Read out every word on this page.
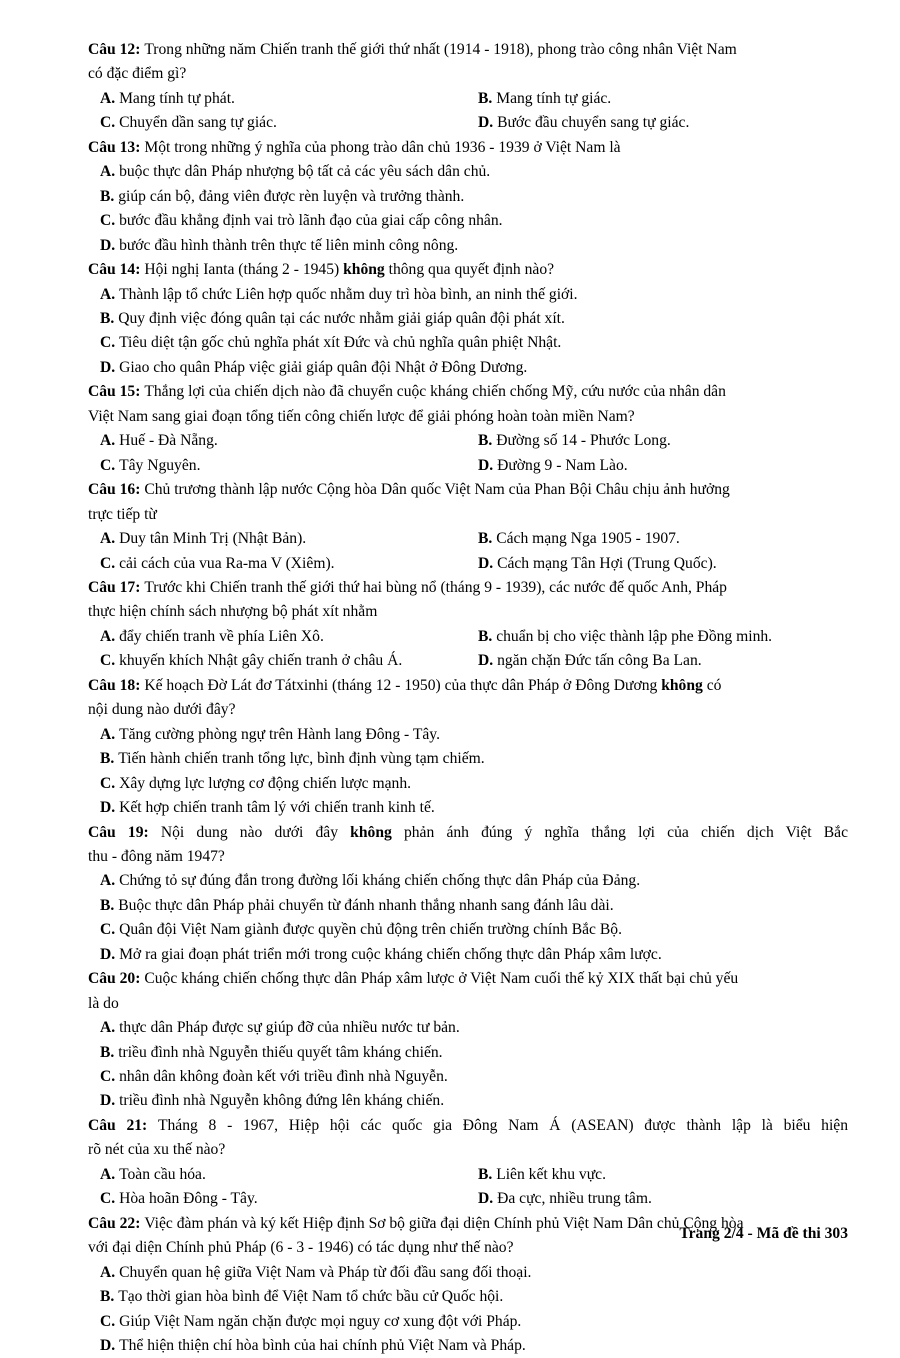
Câu 12: Trong những năm Chiến tranh thế giới thứ nhất (1914 - 1918), phong trào công nhân Việt Nam
có đặc điểm gì?
A. Mang tính tự phát.	B. Mang tính tự giác.
C. Chuyển dần sang tự giác.	D. Bước đầu chuyển sang tự giác.
Câu 13: Một trong những ý nghĩa của phong trào dân chủ 1936 - 1939 ở Việt Nam là
A. buộc thực dân Pháp nhượng bộ tất cả các yêu sách dân chủ.
B. giúp cán bộ, đảng viên được rèn luyện và trưởng thành.
C. bước đầu khẳng định vai trò lãnh đạo của giai cấp công nhân.
D. bước đầu hình thành trên thực tế liên minh công nông.
Câu 14: Hội nghị Ianta (tháng 2 - 1945) không thông qua quyết định nào?
A. Thành lập tổ chức Liên hợp quốc nhằm duy trì hòa bình, an ninh thế giới.
B. Quy định việc đóng quân tại các nước nhằm giải giáp quân đội phát xít.
C. Tiêu diệt tận gốc chủ nghĩa phát xít Đức và chủ nghĩa quân phiệt Nhật.
D. Giao cho quân Pháp việc giải giáp quân đội Nhật ở Đông Dương.
Câu 15: Thắng lợi của chiến dịch nào đã chuyển cuộc kháng chiến chống Mỹ, cứu nước của nhân dân
Việt Nam sang giai đoạn tổng tiến công chiến lược để giải phóng hoàn toàn miền Nam?
A. Huế - Đà Nẵng.	B. Đường số 14 - Phước Long.
C. Tây Nguyên.	D. Đường 9 - Nam Lào.
Câu 16: Chủ trương thành lập nước Cộng hòa Dân quốc Việt Nam của Phan Bội Châu chịu ảnh hưởng
trực tiếp từ
A. Duy tân Minh Trị (Nhật Bản).	B. Cách mạng Nga 1905 - 1907.
C. cải cách của vua Ra-ma V (Xiêm).	D. Cách mạng Tân Hợi (Trung Quốc).
Câu 17: Trước khi Chiến tranh thế giới thứ hai bùng nổ (tháng 9 - 1939), các nước đế quốc Anh, Pháp
thực hiện chính sách nhượng bộ phát xít nhằm
A. đẩy chiến tranh về phía Liên Xô.	B. chuẩn bị cho việc thành lập phe Đồng minh.
C. khuyến khích Nhật gây chiến tranh ở châu Á.	D. ngăn chặn Đức tấn công Ba Lan.
Câu 18: Kế hoạch Đờ Lát đơ Tátxinhi (tháng 12 - 1950) của thực dân Pháp ở Đông Dương không có
nội dung nào dưới đây?
A. Tăng cường phòng ngự trên Hành lang Đông - Tây.
B. Tiến hành chiến tranh tổng lực, bình định vùng tạm chiếm.
C. Xây dựng lực lượng cơ động chiến lược mạnh.
D. Kết hợp chiến tranh tâm lý với chiến tranh kinh tế.
Câu 19: Nội dung nào dưới đây không phản ánh đúng ý nghĩa thắng lợi của chiến dịch Việt Bắc
thu - đông năm 1947?
A. Chứng tỏ sự đúng đắn trong đường lối kháng chiến chống thực dân Pháp của Đảng.
B. Buộc thực dân Pháp phải chuyển từ đánh nhanh thắng nhanh sang đánh lâu dài.
C. Quân đội Việt Nam giành được quyền chủ động trên chiến trường chính Bắc Bộ.
D. Mở ra giai đoạn phát triển mới trong cuộc kháng chiến chống thực dân Pháp xâm lược.
Câu 20: Cuộc kháng chiến chống thực dân Pháp xâm lược ở Việt Nam cuối thế kỷ XIX thất bại chủ yếu
là do
A. thực dân Pháp được sự giúp đỡ của nhiều nước tư bản.
B. triều đình nhà Nguyễn thiếu quyết tâm kháng chiến.
C. nhân dân không đoàn kết với triều đình nhà Nguyễn.
D. triều đình nhà Nguyễn không đứng lên kháng chiến.
Câu 21: Tháng 8 - 1967, Hiệp hội các quốc gia Đông Nam Á (ASEAN) được thành lập là biểu hiện
rõ nét của xu thế nào?
A. Toàn cầu hóa.	B. Liên kết khu vực.
C. Hòa hoãn Đông - Tây.	D. Đa cực, nhiều trung tâm.
Câu 22: Việc đàm phán và ký kết Hiệp định Sơ bộ giữa đại diện Chính phủ Việt Nam Dân chủ Cộng hòa
với đại diện Chính phủ Pháp (6 - 3 - 1946) có tác dụng như thế nào?
A. Chuyển quan hệ giữa Việt Nam và Pháp từ đối đầu sang đối thoại.
B. Tạo thời gian hòa bình để Việt Nam tổ chức bầu cử Quốc hội.
C. Giúp Việt Nam ngăn chặn được mọi nguy cơ xung đột với Pháp.
D. Thể hiện thiện chí hòa bình của hai chính phủ Việt Nam và Pháp.
Trang 2/4 - Mã đề thi 303
